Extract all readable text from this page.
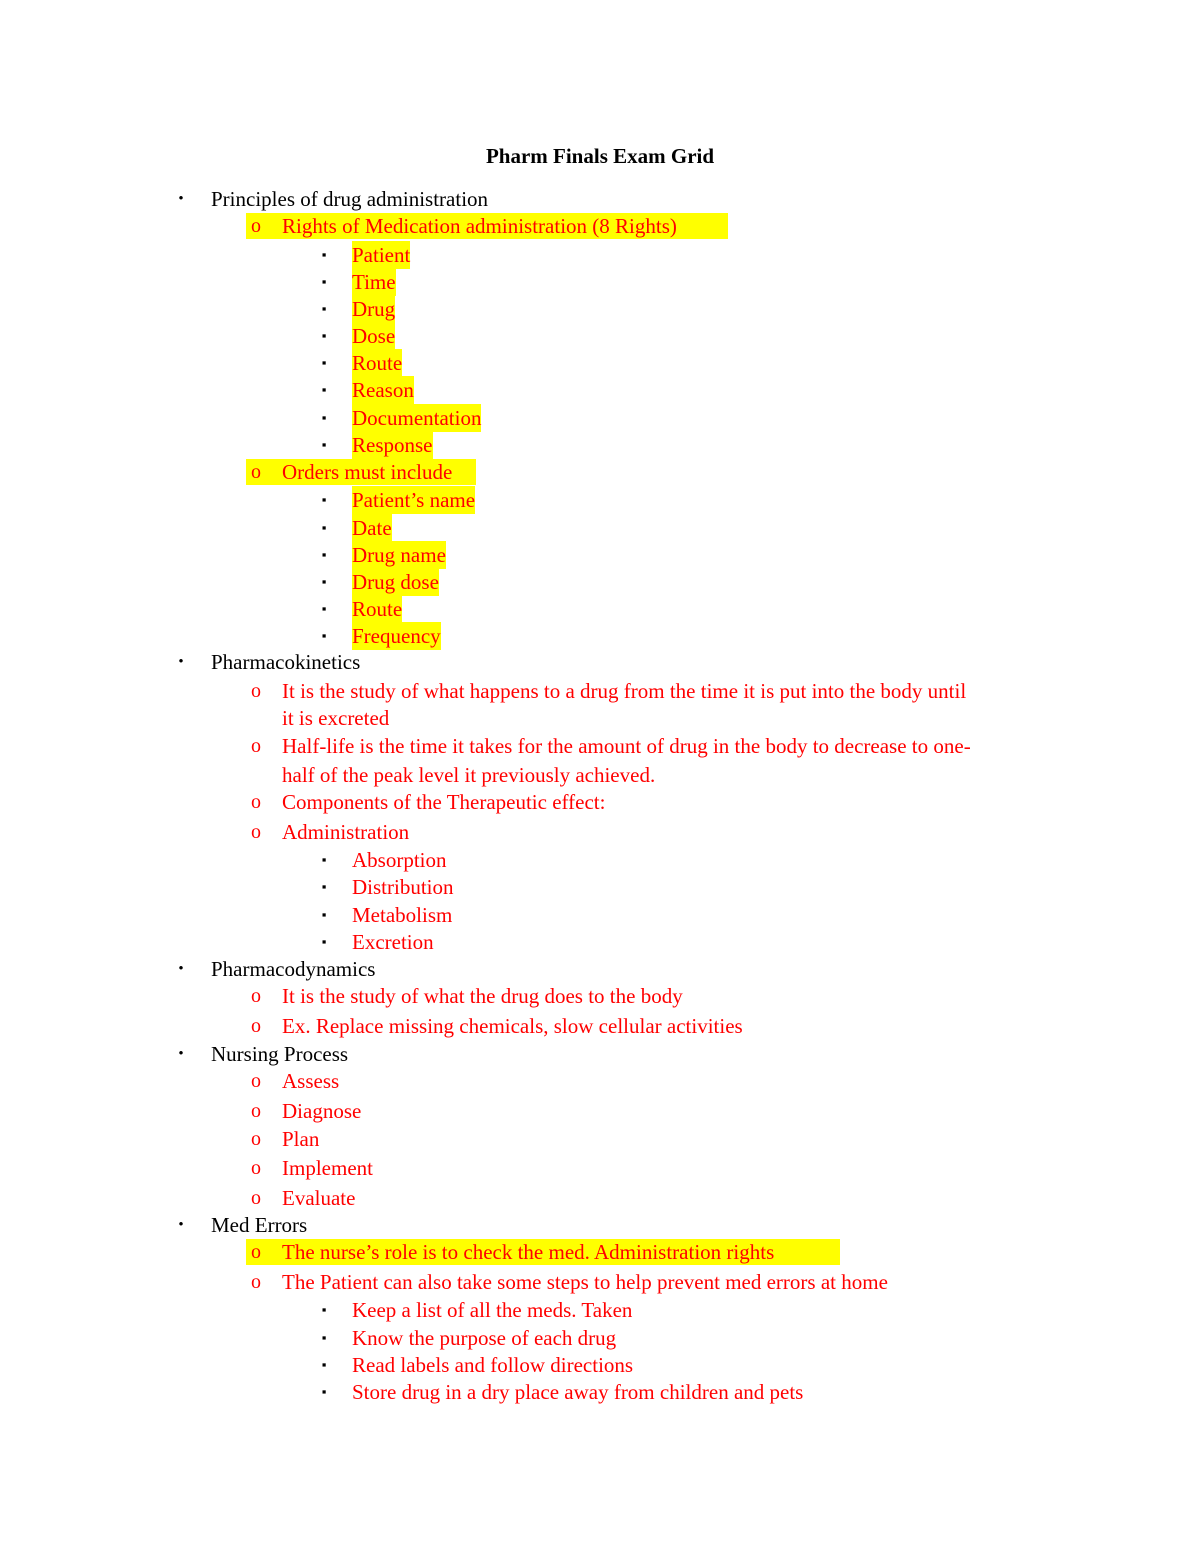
Pharm Finals Exam Grid
•	Principles of drug administration
o Rights of Medication administration (8 Rights)
▪ Patient
▪ Time
▪ Drug
▪ Dose
▪ Route
▪ Reason
▪ Documentation
▪ Response
o Orders must include
▪ Patient’s name
▪ Date
▪ Drug name
▪ Drug dose
▪ Route
▪ Frequency
•	Pharmacokinetics
o It is the study of what happens to a drug from the time it is put into the body until
it is excreted
o Half-life is the time it takes for the amount of drug in the body to decrease to one-
half of the peak level it previously achieved.
o Components of the Therapeutic effect:
o Administration
▪ Absorption
▪ Distribution
▪ Metabolism
▪ Excretion
•	Pharmacodynamics
o It is the study of what the drug does to the body
o Ex. Replace missing chemicals, slow cellular activities
•	Nursing Process
o Assess
o Diagnose
o Plan
o Implement
o Evaluate
•	Med Errors
o The nurse’s role is to check the med. Administration rights
o The Patient can also take some steps to help prevent med errors at home
▪ Keep a list of all the meds. Taken
▪ Know the purpose of each drug
▪ Read labels and follow directions
▪ Store drug in a dry place away from children and pets
